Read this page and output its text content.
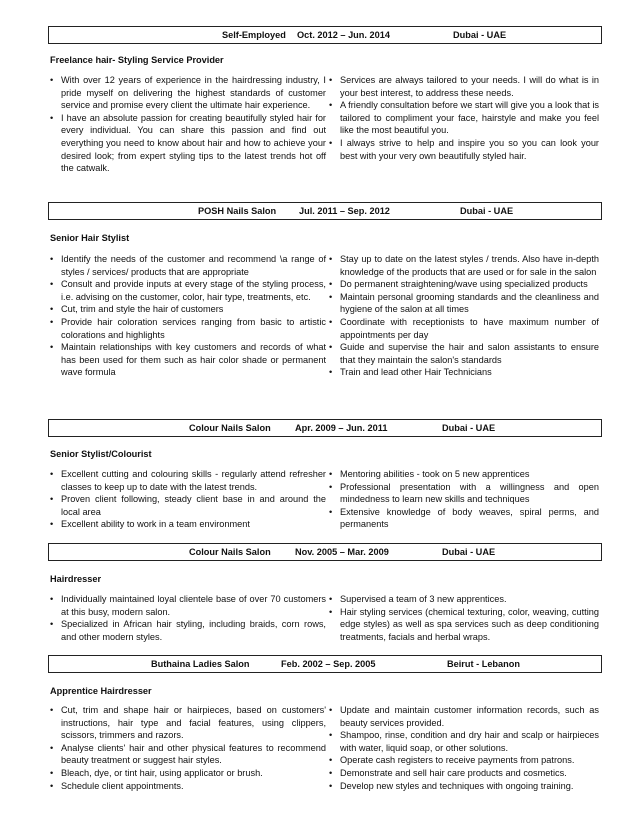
Self-Employed Oct. 2012 – Jun. 2014	Dubai - UAE
Freelance hair- Styling Service Provider
• With over 12 years of experience in the hairdressing industry, I pride myself on delivering the highest standards of customer service and promise every client the ultimate hair experience.
• I have an absolute passion for creating beautifully styled hair for every individual. You can share this passion and find out everything you need to know about hair and how to achieve your desired look; from expert styling tips to the latest trends hot off the catwalk.
• Services are always tailored to your needs. I will do what is in your best interest, to address these needs.
• A friendly consultation before we start will give you a look that is tailored to compliment your face, hairstyle and make you feel like the most beautiful you.
• I always strive to help and inspire you so you can look your best with your very own beautifully styled hair.
POSH Nails Salon Jul. 2011 – Sep. 2012	Dubai - UAE
Senior Hair Stylist
• Identify the needs of the customer and recommend \a range of styles / services/ products that are appropriate
• Consult and provide inputs at every stage of the styling process, i.e. advising on the customer, color, hair type, treatments, etc.
• Cut, trim and style the hair of customers
• Provide hair coloration services ranging from basic to artistic colorations and highlights
• Maintain relationships with key customers and records of what has been used for them such as hair color shade or permanent wave formula
• Stay up to date on the latest styles / trends. Also have in-depth knowledge of the products that are used or for sale in the salon
• Do permanent straightening/wave using specialized products
• Maintain personal grooming standards and the cleanliness and hygiene of the salon at all times
• Coordinate with receptionists to have maximum number of appointments per day
• Guide and supervise the hair and salon assistants to ensure that they maintain the salon's standards
• Train and lead other Hair Technicians
Colour Nails Salon	Apr. 2009 – Jun. 2011	Dubai - UAE
Senior Stylist/Colourist
• Excellent cutting and colouring skills - regularly attend refresher classes to keep up to date with the latest trends.
• Proven client following, steady client base in and around the local area
• Excellent ability to work in a team environment
• Mentoring abilities - took on 5 new apprentices
• Professional presentation with a willingness and open mindedness to learn new skills and techniques
• Extensive knowledge of body weaves, spiral perms, and permanents
Colour Nails Salon	Nov. 2005 – Mar. 2009	Dubai - UAE
Hairdresser
• Individually maintained loyal clientele base of over 70 customers at this busy, modern salon.
• Specialized in African hair styling, including braids, corn rows, and other modern styles.
• Supervised a team of 3 new apprentices.
• Hair styling services (chemical texturing, color, weaving, cutting edge styles) as well as spa services such as deep conditioning treatments, facials and herbal wraps.
Buthaina Ladies Salon	Feb. 2002 – Sep. 2005	Beirut - Lebanon
Apprentice Hairdresser
• Cut, trim and shape hair or hairpieces, based on customers' instructions, hair type and facial features, using clippers, scissors, trimmers and razors.
• Analyse clients' hair and other physical features to recommend beauty treatment or suggest hair styles.
• Bleach, dye, or tint hair, using applicator or brush.
• Schedule client appointments.
• Update and maintain customer information records, such as beauty services provided.
• Shampoo, rinse, condition and dry hair and scalp or hairpieces with water, liquid soap, or other solutions.
• Operate cash registers to receive payments from patrons.
• Demonstrate and sell hair care products and cosmetics.
• Develop new styles and techniques with ongoing training.
